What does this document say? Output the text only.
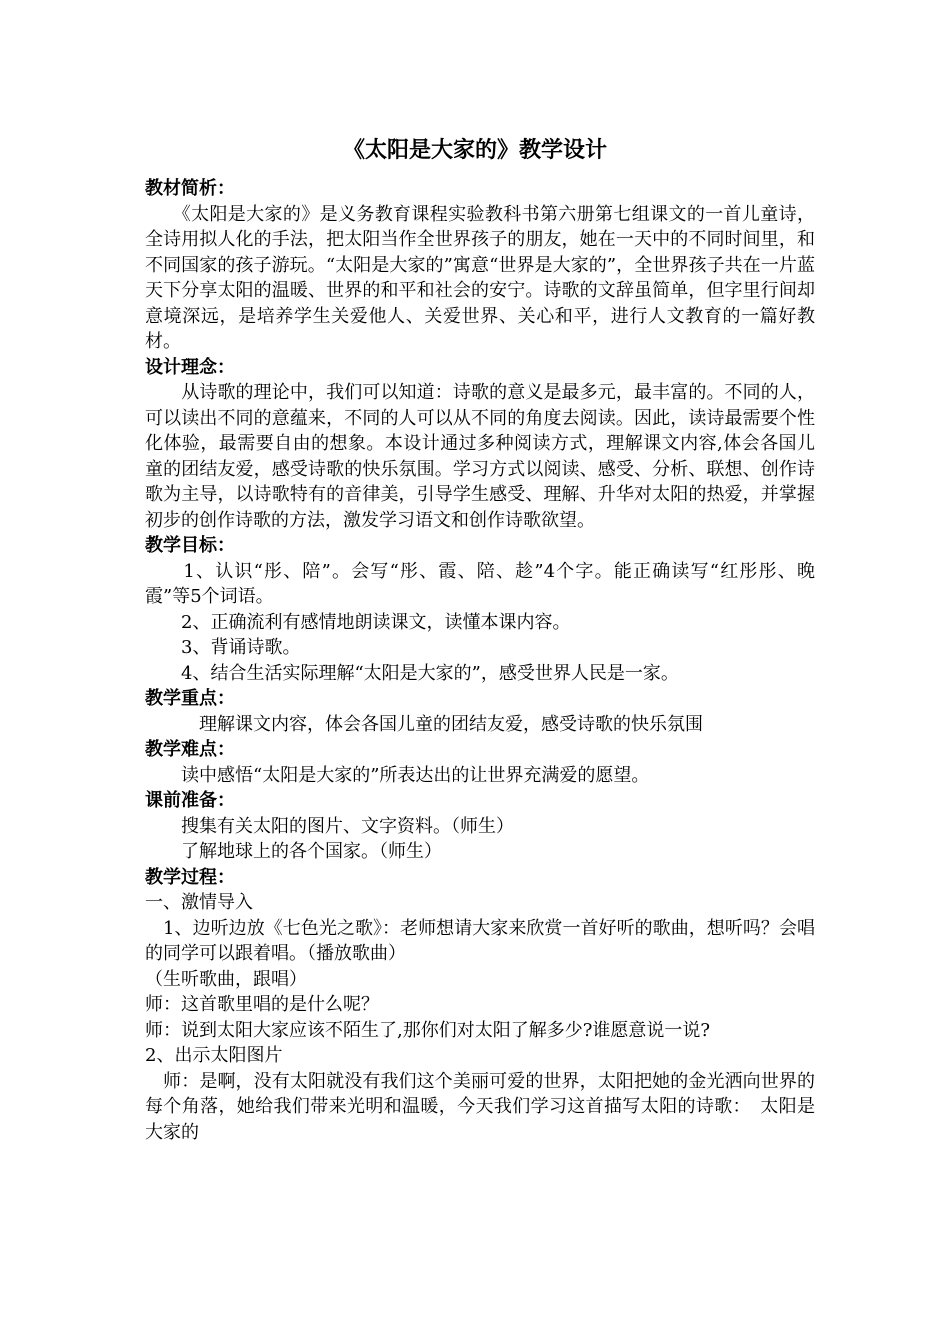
《太阳是大家的》教学设计
教材简析：

　　《太阳是大家的》是义务教育课程实验教科书第六册第七组课文的一首儿童诗，全诗用拟人化的手法，把太阳当作全世界孩子的朋友，她在一天中的不同时间里，和不同国家的孩子游玩。“太阳是大家的”寓意“世界是大家的”，全世界孩子共在一片蓝天下分享太阳的温暖、世界的和平和社会的安宁。诗歌的文辞虽简单，但字里行间却意境深远，是培养学生关爱他人、关爱世界、关心和平，进行人文教育的一篇好教材。

设计理念：

　　从诗歌的理论中，我们可以知道：诗歌的意义是最多元，最丰富的。不同的人，可以读出不同的意蕴来，不同的人可以从不同的角度去阅读。因此，读诗最需要个性化体验，最需要自由的想象。本设计通过多种阅读方式，理解课文内容,体会各国儿童的团结友爱，感受诗歌的快乐氛围。学习方式以阅读、感受、分析、联想、创作诗歌为主导，以诗歌特有的音律美，引导学生感受、理解、升华对太阳的热爱，并掌握初步的创作诗歌的方法，激发学习语文和创作诗歌欲望。

教学目标：

　　1、认识“彤、陪”。会写“彤、霞、陪、趁”4个字。能正确读写“红彤彤、晚霞”等5个词语。

　　2、正确流利有感情地朗读课文，读懂本课内容。

　　3、背诵诗歌。

　　4、结合生活实际理解“太阳是大家的”，感受世界人民是一家。

教学重点：

　　　理解课文内容，体会各国儿童的团结友爱，感受诗歌的快乐氛围

教学难点：

　　读中感悟“太阳是大家的”所表达出的让世界充满爱的愿望。

课前准备：

　　搜集有关太阳的图片、文字资料。（师生）

　　了解地球上的各个国家。（师生）

教学过程：

一、激情导入

　1、边听边放《七色光之歌》：老师想请大家来欣赏一首好听的歌曲，想听吗？会唱的同学可以跟着唱。（播放歌曲）

（生听歌曲，跟唱）

师：这首歌里唱的是什么呢？

师：说到太阳大家应该不陌生了,那你们对太阳了解多少?谁愿意说一说?

2、出示太阳图片

　师：是啊，没有太阳就没有我们这个美丽可爱的世界，太阳把她的金光洒向世界的每个角落，她给我们带来光明和温暖，今天我们学习这首描写太阳的诗歌：　太阳是大家的
